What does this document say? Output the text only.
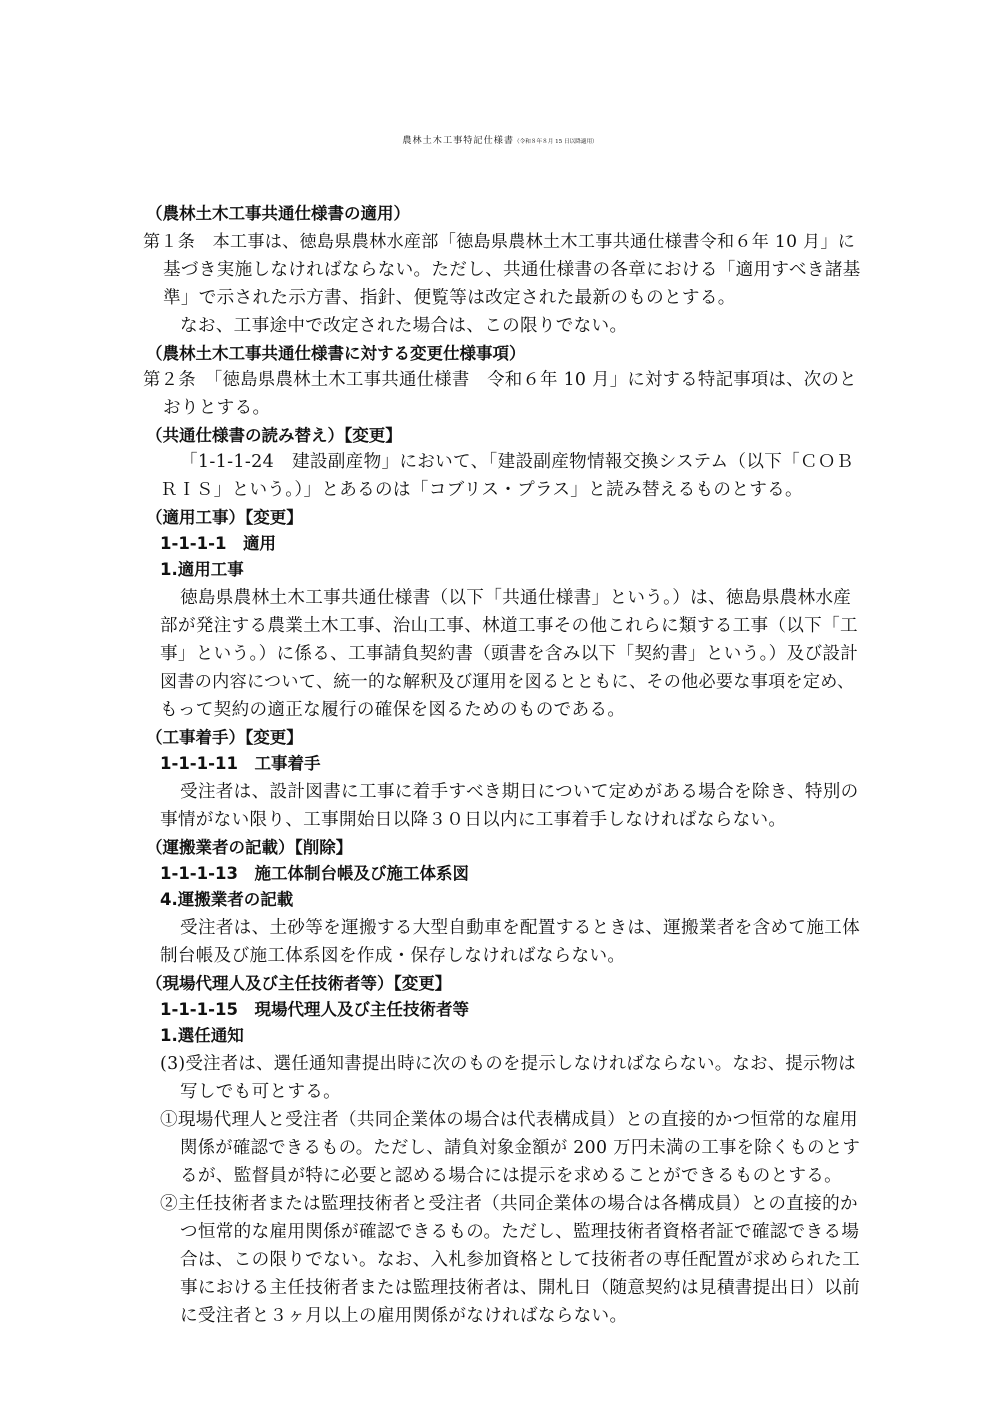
農林土木工事特記仕様書（令和８年８月 15 日以降適用）
（農林土木工事共通仕様書の適用）
第１条　本工事は、徳島県農林水産部「徳島県農林土木工事共通仕様書令和６年 10 月」に
基づき実施しなければならない。ただし、共通仕様書の各章における「適用すべき諸基
準」で示された示方書、指針、便覧等は改定された最新のものとする。
なお、工事途中で改定された場合は、この限りでない。
（農林土木工事共通仕様書に対する変更仕様事項）
第２条　「徳島県農林土木工事共通仕様書　令和６年 10 月」に対する特記事項は、次のと
おりとする。
（共通仕様書の読み替え）【変更】
「1-1-1-24　建設副産物」において、「建設副産物情報交換システム（以下「ＣＯＢ
ＲＩＳ」という。）」とあるのは「コブリス・プラス」と読み替えるものとする。
（適用工事）【変更】
1-1-1-1　適用
1.適用工事
徳島県農林土木工事共通仕様書（以下「共通仕様書」という。）は、徳島県農林水産
部が発注する農業土木工事、治山工事、林道工事その他これらに類する工事（以下「工
事」という。）に係る、工事請負契約書（頭書を含み以下「契約書」という。）及び設計
図書の内容について、統一的な解釈及び運用を図るとともに、その他必要な事項を定め、
もって契約の適正な履行の確保を図るためのものである。
（工事着手）【変更】
1-1-1-11　工事着手
受注者は、設計図書に工事に着手すべき期日について定めがある場合を除き、特別の
事情がない限り、工事開始日以降３０日以内に工事着手しなければならない。
（運搬業者の記載）【削除】
1-1-1-13　施工体制台帳及び施工体系図
4.運搬業者の記載
受注者は、土砂等を運搬する大型自動車を配置するときは、運搬業者を含めて施工体
制台帳及び施工体系図を作成・保存しなければならない。
（現場代理人及び主任技術者等）【変更】
1-1-1-15　現場代理人及び主任技術者等
1.選任通知
(3)受注者は、選任通知書提出時に次のものを提示しなければならない。なお、提示物は
写しでも可とする。
①現場代理人と受注者（共同企業体の場合は代表構成員）との直接的かつ恒常的な雇用
関係が確認できるもの。ただし、請負対象金額が 200 万円未満の工事を除くものとす
るが、監督員が特に必要と認める場合には提示を求めることができるものとする。
②主任技術者または監理技術者と受注者（共同企業体の場合は各構成員）との直接的か
つ恒常的な雇用関係が確認できるもの。ただし、監理技術者資格者証で確認できる場
合は、この限りでない。なお、入札参加資格として技術者の専任配置が求められた工
事における主任技術者または監理技術者は、開札日（随意契約は見積書提出日）以前
に受注者と３ヶ月以上の雇用関係がなければならない。
